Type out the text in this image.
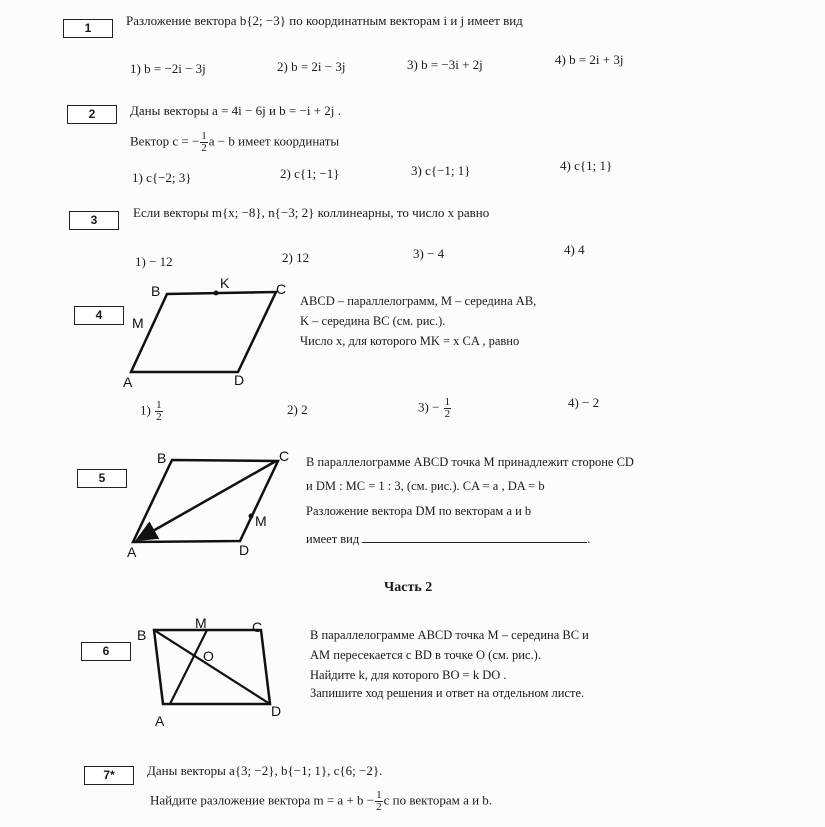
1	Разложение вектора b{2; −3} по координатным векторам i и j имеет вид
1) b = −2i − 3j	2) b = 2i − 3j	3) b = −3i + 2j	4) b = 2i + 3j
2	Даны векторы a = 4i − 6j и b = −i + 2j .
Вектор c = − $\frac{1}{2}$ a − b имеет координаты
1) c{−2; 3}	2) c{1; −1}	3) c{−1; 1}	4) c{1; 1}
3	Если векторы m{x; −8}, n{−3; 2} коллинеарны, то число x равно
1) − 12	2) 12	3) − 4	4) 4
4
A
B	C
D
M
K
ABCD – параллелограмм, M – середина AB,
K – середина BC (см. рис.).
Число x, для которого MK = x CA , равно
$1) \frac{1}{2}$	2) 2	$3) - \frac{1}{2}$	4) − 2
5
A
B	C
D
M
В параллелограмме ABCD точка M принадлежит стороне CD
и DM : MC = 1 : 3, (см. рис.). CA = a , DA = b
Разложение вектора DM по векторам a и b
имеет вид	.
Часть 2
6
B
M	C
O
A
D
В параллелограмме ABCD точка M – середина BC и
AM пересекается с BD в точке O (см. рис.).
Найдите k, для которого BO = k DO .
Запишите ход решения и ответ на отдельном листе.
7*	Даны векторы a{3; −2}, b{−1; 1}, c{6; −2}.
Найдите разложение вектора $m = a + b - \frac{1}{2}$ c по векторам a и b.
